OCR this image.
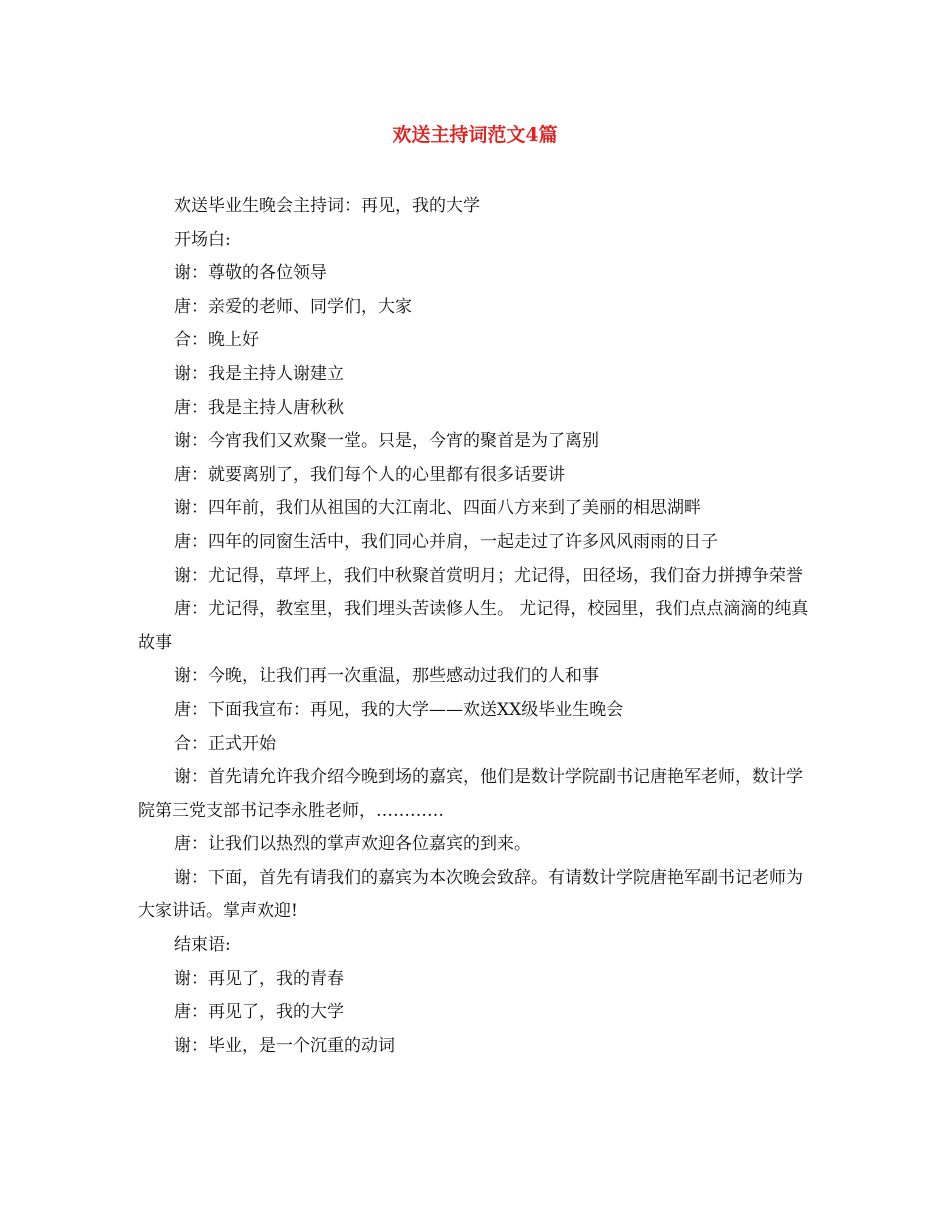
欢送主持词范文4篇

欢送毕业生晚会主持词：再见，我的大学

开场白:

谢：尊敬的各位领导

唐：亲爱的老师、同学们，大家

合：晚上好

谢：我是主持人谢建立

唐：我是主持人唐秋秋

谢：今宵我们又欢聚一堂。只是，今宵的聚首是为了离别

唐：就要离别了，我们每个人的心里都有很多话要讲

谢：四年前，我们从祖国的大江南北、四面八方来到了美丽的相思湖畔

唐：四年的同窗生活中，我们同心并肩，一起走过了许多风风雨雨的日子

谢：尤记得，草坪上，我们中秋聚首赏明月；尤记得，田径场，我们奋力拼搏争荣誉

唐：尤记得，教室里，我们埋头苦读修人生。 尤记得，校园里，我们点点滴滴的纯真故事

谢：今晚，让我们再一次重温，那些感动过我们的人和事

唐：下面我宣布：再见，我的大学——欢送XX级毕业生晚会

合：正式开始

谢：首先请允许我介绍今晚到场的嘉宾，他们是数计学院副书记唐艳军老师，数计学院第三党支部书记李永胜老师，…………

唐：让我们以热烈的掌声欢迎各位嘉宾的到来。

谢：下面，首先有请我们的嘉宾为本次晚会致辞。有请数计学院唐艳军副书记老师为大家讲话。掌声欢迎!

结束语:

谢：再见了，我的青春

唐：再见了，我的大学

谢：毕业，是一个沉重的动词
